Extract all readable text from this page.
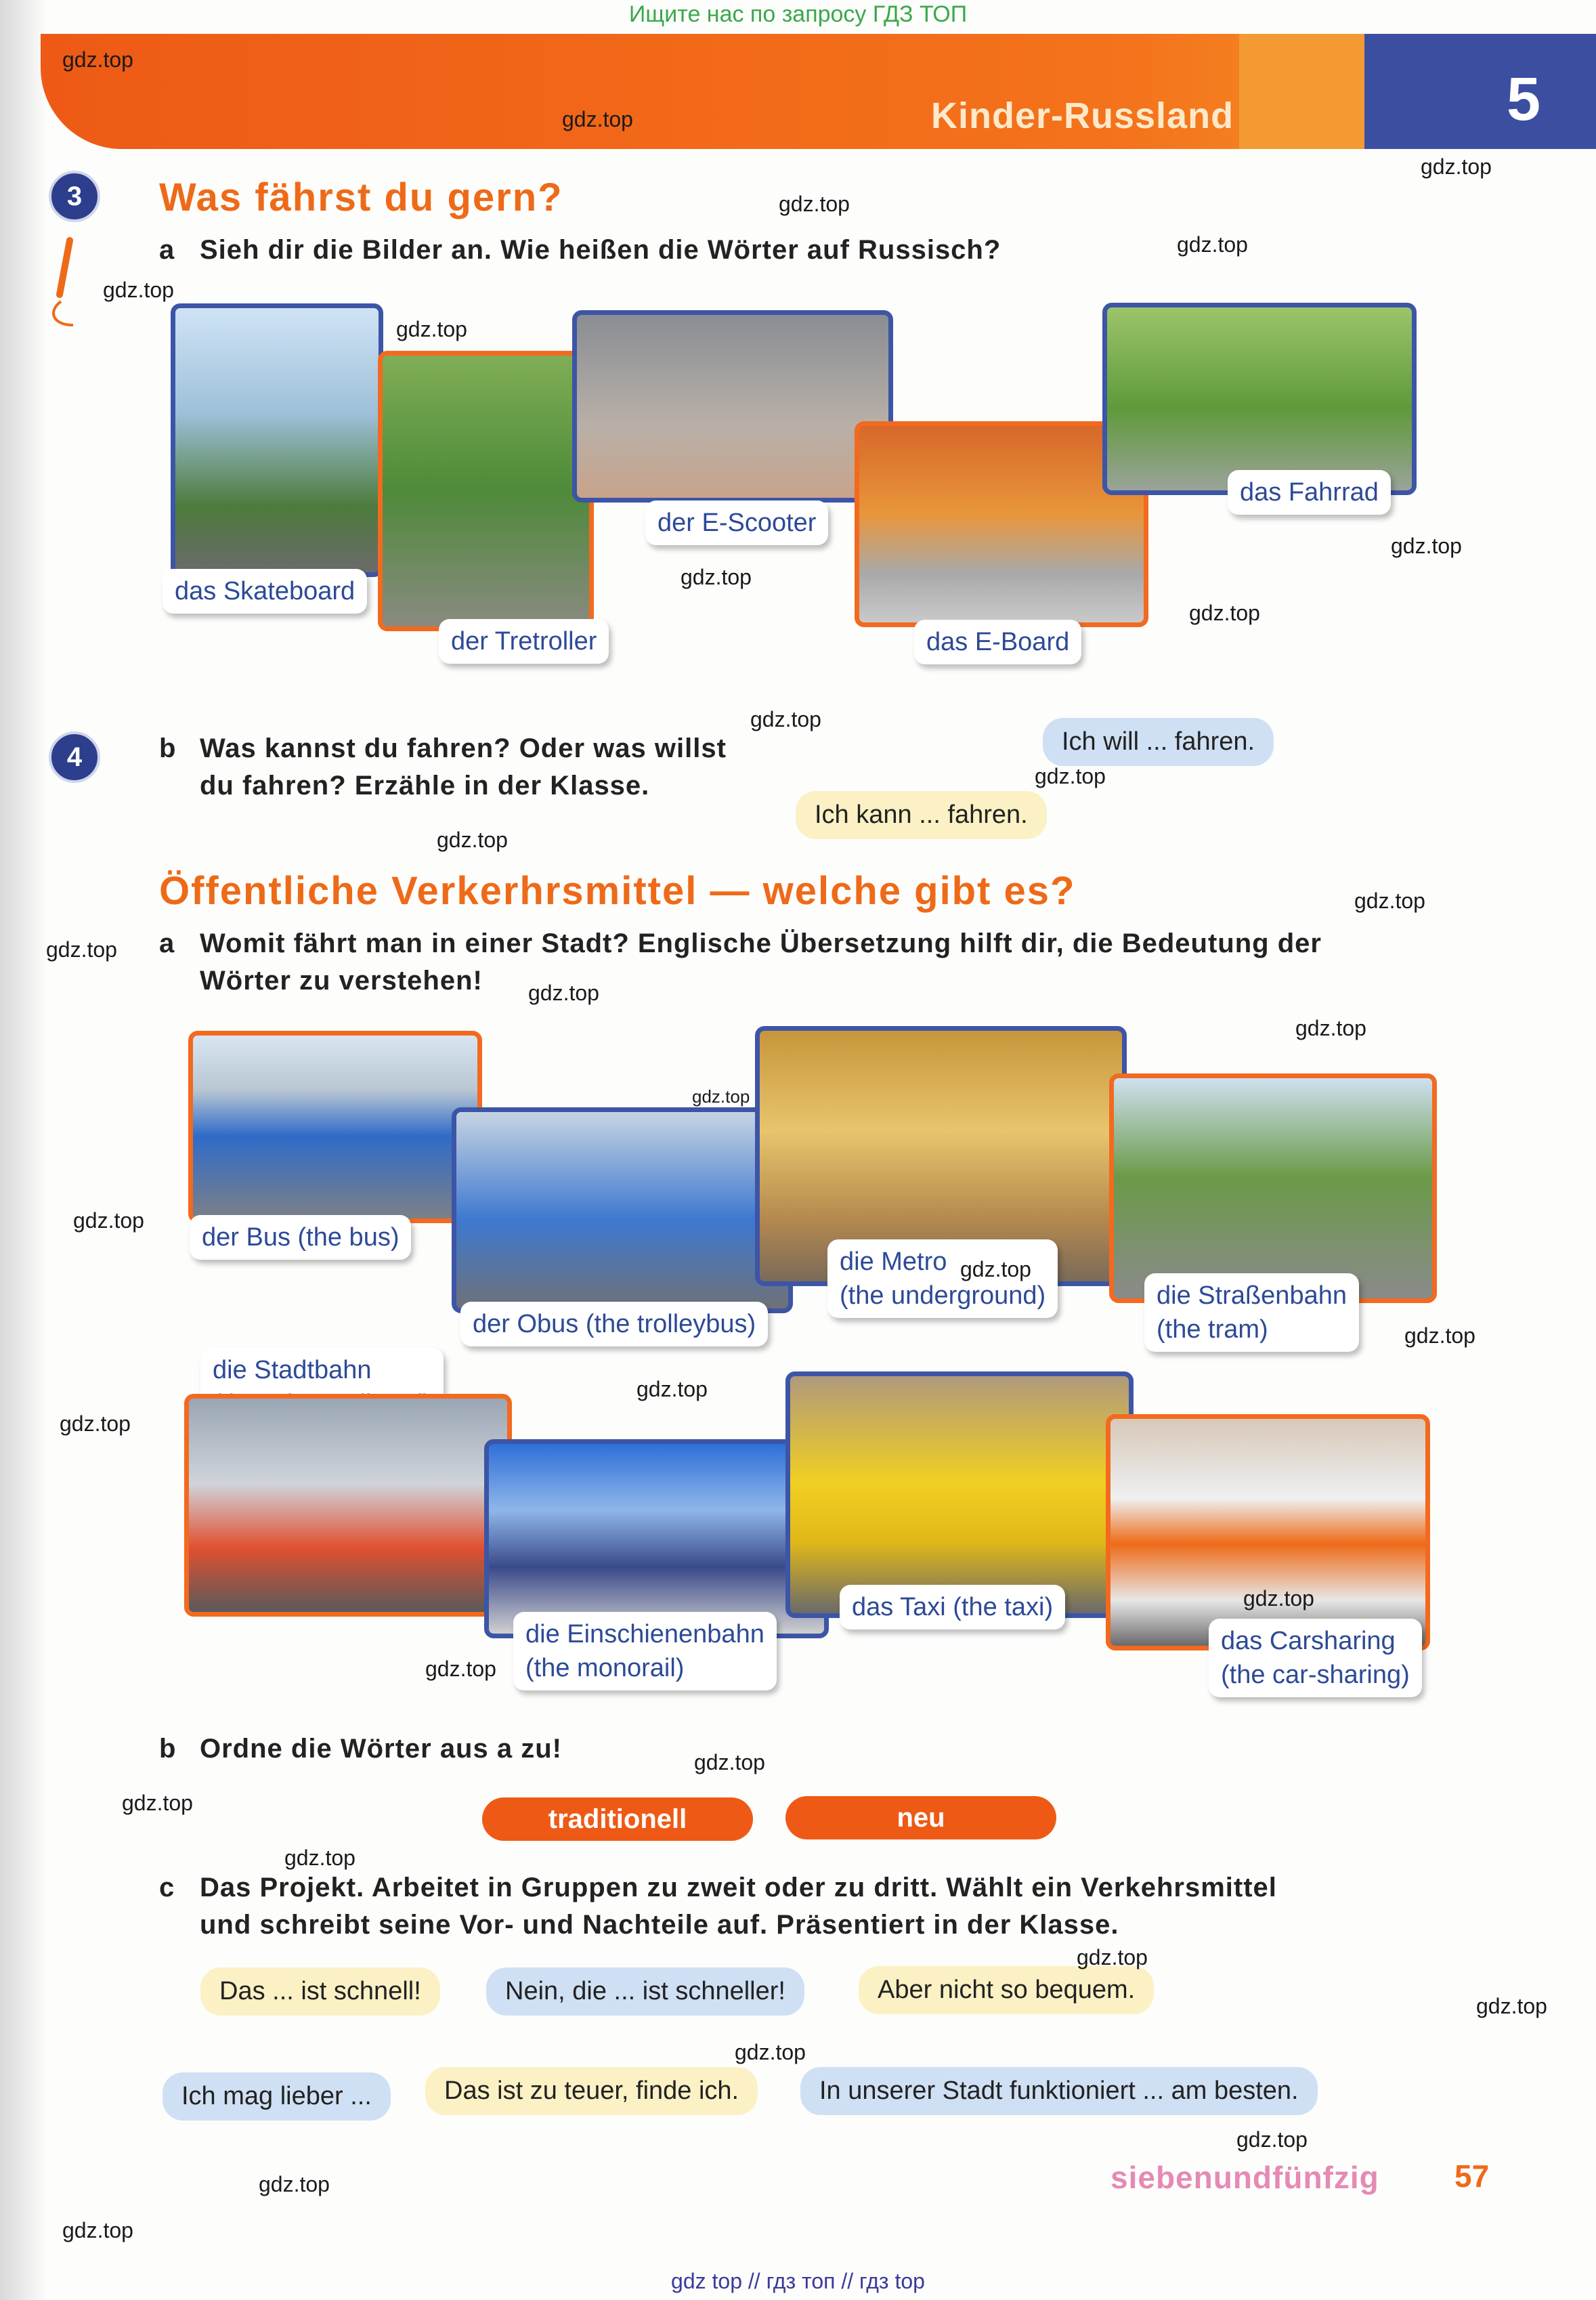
Ищите нас по запросу ГДЗ ТОП
Kinder-Russland	5
3	Was fährst du gern?
a Sieh dir die Bilder an. Wie heißen die Wörter auf Russisch?
das Skateboard
der Tretroller
der E-Scooter
das E-Board
das Fahrrad
4	b Was kannst du fahren? Oder was willst
du fahren? Erzähle in der Klasse.
Ich will ... fahren.
Ich kann ... fahren.
Öffentliche Verkerhrsmittel — welche gibt es?
a Womit fährt man in einer Stadt? Englische Übersetzung hilft dir, die Bedeutung der
Wörter zu verstehen!
der Bus (the bus)
der Obus (the trolleybus)
die Metro
(the underground)	die Straßenbahn
(the tram)
die Stadtbahn
die Einschienenbahn
(the monorail)
das Taxi (the taxi)
das Carsharing
(the car-sharing)
b Ordne die Wörter aus a zu!
traditionell	neu
c Das Projekt. Arbeitet in Gruppen zu zweit oder zu dritt. Wählt ein Verkehrsmittel
und schreibt seine Vor- und Nachteile auf. Präsentiert in der Klasse.
Das ... ist schnell!	Nein, die ... ist schneller!	Aber nicht so bequem.
Ich mag lieber ...	Das ist zu teuer, finde ich.	In unserer Stadt funktioniert ... am besten.
siebenundfünfzig 57
gdz top // гдз топ // гдз top
gdz.top
gdz.top
gdz.top
gdz.top
gdz.top
gdz.top
gdz.top
gdz.top
gdz.top
gdz.top
gdz.top
gdz.top
gdz.top
gdz.top
gdz.top
gdz.top
gdz.top
gdz.top
gdz.top
gdz.top
gdz.top
gdz.top
gdz.top
gdz.top
gdz.top
gdz.top
gdz.top
gdz.top
gdz.top
gdz.top
gdz.top
gdz.top
gdz.top
gdz.top
